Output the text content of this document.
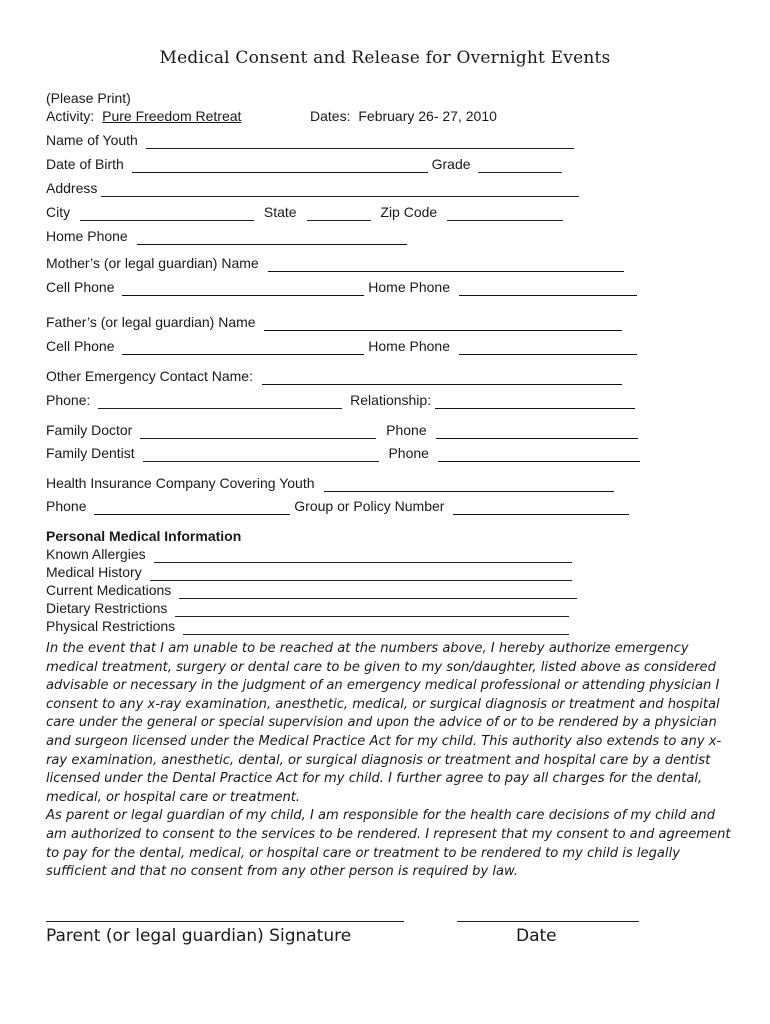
Medical Consent and Release for Overnight Events
(Please Print)
Activity: Pure Freedom Retreat	Dates: February 26- 27, 2010
Name of Youth
Date of Birth	Grade
Address
City	State	Zip Code
Home Phone
Mother’s (or legal guardian) Name
Cell Phone	Home Phone
Father’s (or legal guardian) Name
Cell Phone	Home Phone
Other Emergency Contact Name:
Phone:	Relationship:
Family Doctor	Phone
Family Dentist	Phone
Health Insurance Company Covering Youth
Phone	Group or Policy Number
Personal Medical Information
Known Allergies
Medical History
Current Medications
Dietary Restrictions
Physical Restrictions

In the event that I am unable to be reached at the numbers above, I hereby authorize emergency medical treatment, surgery or dental care to be given to my son/daughter, listed above as considered advisable or necessary in the judgment of an emergency medical professional or attending physician I consent to any x-ray examination, anesthetic, medical, or surgical diagnosis or treatment and hospital care under the general or special supervision and upon the advice of or to be rendered by a physician and surgeon licensed under the Medical Practice Act for my child. This authority also extends to any x-ray examination, anesthetic, dental, or surgical diagnosis or treatment and hospital care by a dentist licensed under the Dental Practice Act for my child. I further agree to pay all charges for the dental, medical, or hospital care or treatment.

As parent or legal guardian of my child, I am responsible for the health care decisions of my child and am authorized to consent to the services to be rendered. I represent that my consent to and agreement to pay for the dental, medical, or hospital care or treatment to be rendered to my child is legally sufficient and that no consent from any other person is required by law.

Parent (or legal guardian) Signature	Date
